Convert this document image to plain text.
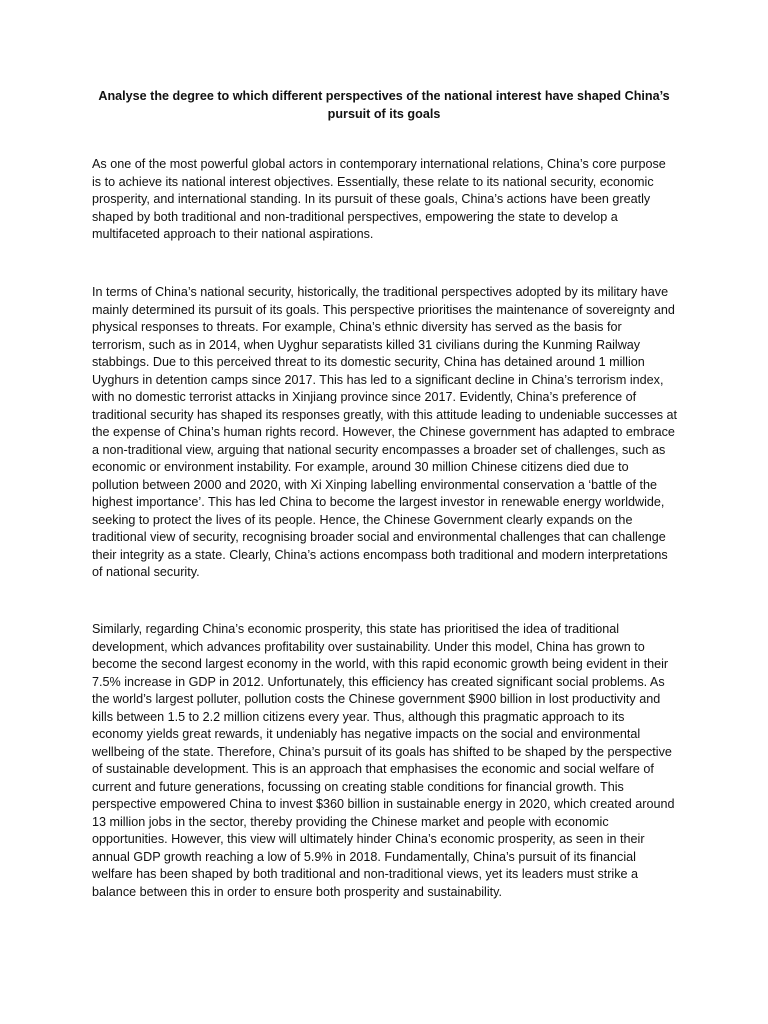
Analyse the degree to which different perspectives of the national interest have shaped China’s pursuit of its goals

As one of the most powerful global actors in contemporary international relations, China’s core purpose is to achieve its national interest objectives. Essentially, these relate to its national security, economic prosperity, and international standing. In its pursuit of these goals, China’s actions have been greatly shaped by both traditional and non-traditional perspectives, empowering the state to develop a multifaceted approach to their national aspirations.

In terms of China’s national security, historically, the traditional perspectives adopted by its military have mainly determined its pursuit of its goals. This perspective prioritises the maintenance of sovereignty and physical responses to threats. For example, China’s ethnic diversity has served as the basis for terrorism, such as in 2014, when Uyghur separatists killed 31 civilians during the Kunming Railway stabbings. Due to this perceived threat to its domestic security, China has detained around 1 million Uyghurs in detention camps since 2017. This has led to a significant decline in China’s terrorism index, with no domestic terrorist attacks in Xinjiang province since 2017. Evidently, China’s preference of traditional security has shaped its responses greatly, with this attitude leading to undeniable successes at the expense of China’s human rights record. However, the Chinese government has adapted to embrace a non-traditional view, arguing that national security encompasses a broader set of challenges, such as economic or environment instability. For example, around 30 million Chinese citizens died due to pollution between 2000 and 2020, with Xi Xinping labelling environmental conservation a ‘battle of the highest importance’. This has led China to become the largest investor in renewable energy worldwide, seeking to protect the lives of its people. Hence, the Chinese Government clearly expands on the traditional view of security, recognising broader social and environmental challenges that can challenge their integrity as a state. Clearly, China’s actions encompass both traditional and modern interpretations of national security.

Similarly, regarding China’s economic prosperity, this state has prioritised the idea of traditional development, which advances profitability over sustainability. Under this model, China has grown to become the second largest economy in the world, with this rapid economic growth being evident in their 7.5% increase in GDP in 2012. Unfortunately, this efficiency has created significant social problems. As the world’s largest polluter, pollution costs the Chinese government $900 billion in lost productivity and kills between 1.5 to 2.2 million citizens every year. Thus, although this pragmatic approach to its economy yields great rewards, it undeniably has negative impacts on the social and environmental wellbeing of the state. Therefore, China’s pursuit of its goals has shifted to be shaped by the perspective of sustainable development. This is an approach that emphasises the economic and social welfare of current and future generations, focussing on creating stable conditions for financial growth. This perspective empowered China to invest $360 billion in sustainable energy in 2020, which created around 13 million jobs in the sector, thereby providing the Chinese market and people with economic opportunities. However, this view will ultimately hinder China’s economic prosperity, as seen in their annual GDP growth reaching a low of 5.9% in 2018. Fundamentally, China’s pursuit of its financial welfare has been shaped by both traditional and non-traditional views, yet its leaders must strike a balance between this in order to ensure both prosperity and sustainability.
